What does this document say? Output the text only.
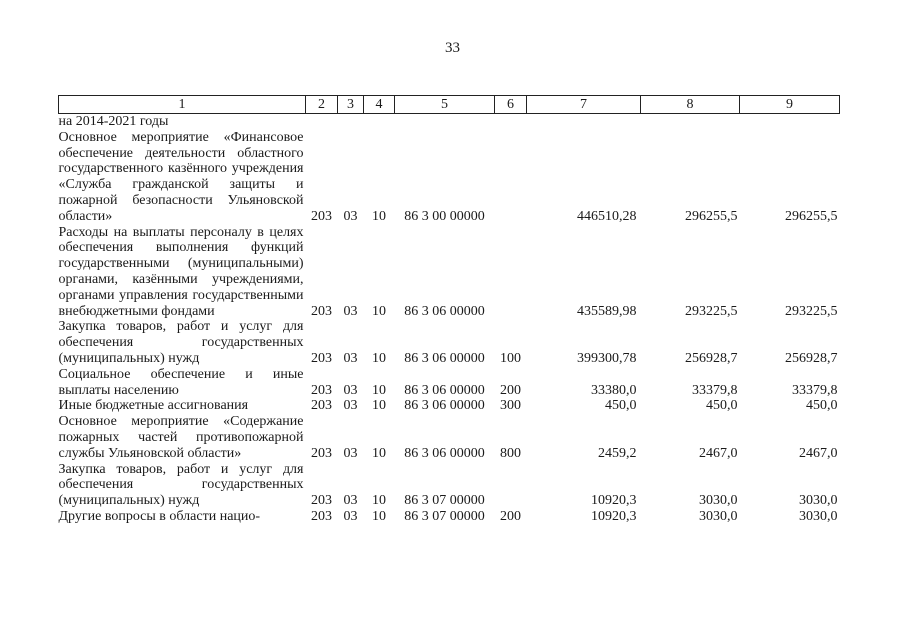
33
1	2	3	4	5	6	7	8	9
на 2014-2021 годы								
Основное мероприятие «Финансовое обеспечение деятельности областного государственного казённого учреждения «Служба гражданской защиты и пожарной безопасности Ульяновской области»	203	03	10	86 3 00 00000		446510,28	296255,5	296255,5
Расходы на выплаты персоналу в целях обеспечения выполнения функций государственными (муниципальными) органами, казёнными учреждениями, органами управления государственными внебюджетными фондами	203	03	10	86 3 06 00000		435589,98	293225,5	293225,5
Закупка товаров, работ и услуг для обеспечения государственных (муниципальных) нужд	203	03	10	86 3 06 00000	100	399300,78	256928,7	256928,7
Социальное обеспечение и иные выплаты населению	203	03	10	86 3 06 00000	200	33380,0	33379,8	33379,8
Иные бюджетные ассигнования	203	03	10	86 3 06 00000	300	450,0	450,0	450,0
Основное мероприятие «Содержание пожарных частей противопожарной службы Ульяновской области»	203	03	10	86 3 06 00000	800	2459,2	2467,0	2467,0
Закупка товаров, работ и услуг для обеспечения государственных (муниципальных) нужд	203	03	10	86 3 07 00000		10920,3	3030,0	3030,0
Другие вопросы в области нацио-	203	03	10	86 3 07 00000	200	10920,3	3030,0	3030,0
